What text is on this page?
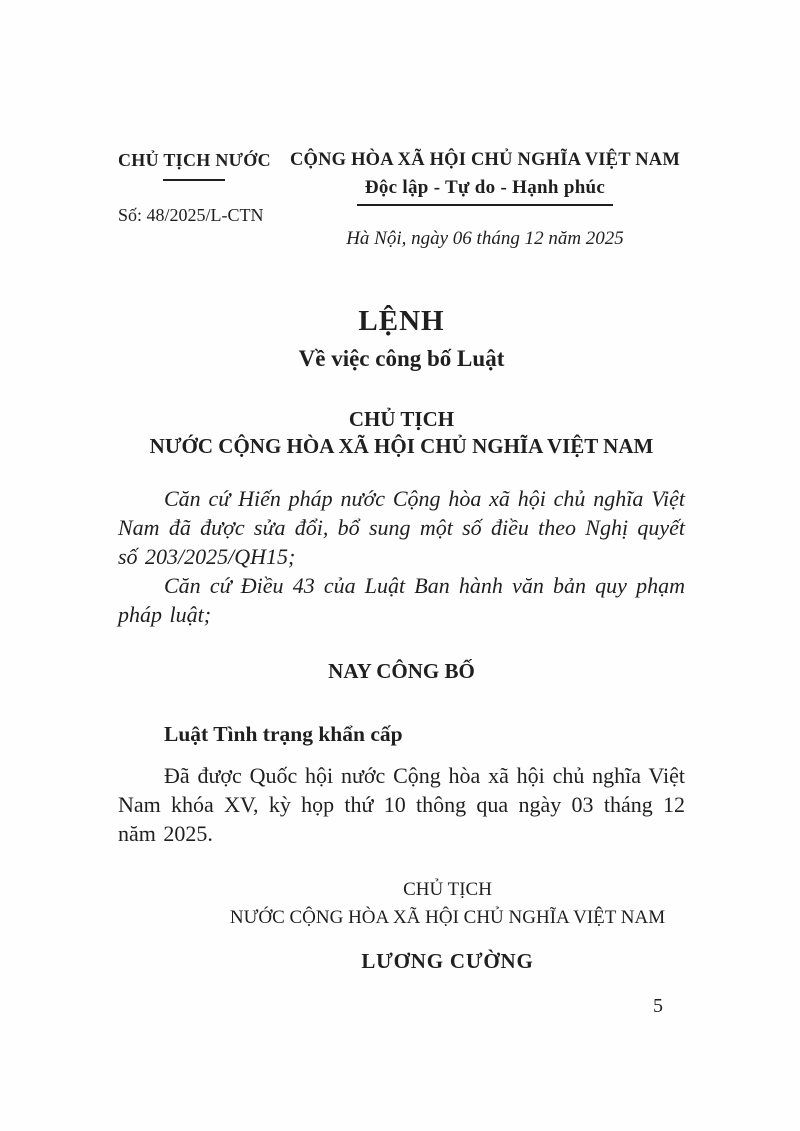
CHỦ TỊCH NƯỚC
Số: 48/2025/L-CTN
CỘNG HÒA XÃ HỘI CHỦ NGHĨA VIỆT NAM
Độc lập - Tự do - Hạnh phúc
Hà Nội, ngày 06 tháng 12 năm 2025
LỆNH
Về việc công bố Luật
CHỦ TỊCH
NƯỚC CỘNG HÒA XÃ HỘI CHỦ NGHĨA VIỆT NAM

Căn cứ Hiến pháp nước Cộng hòa xã hội chủ nghĩa Việt Nam đã được sửa đổi, bổ sung một số điều theo Nghị quyết số 203/2025/QH15;

Căn cứ Điều 43 của Luật Ban hành văn bản quy phạm pháp luật;

NAY CÔNG BỐ
Luật Tình trạng khẩn cấp

Đã được Quốc hội nước Cộng hòa xã hội chủ nghĩa Việt Nam khóa XV, kỳ họp thứ 10 thông qua ngày 03 tháng 12 năm 2025.

CHỦ TỊCH
NƯỚC CỘNG HÒA XÃ HỘI CHỦ NGHĨA VIỆT NAM
LƯƠNG CƯỜNG
5
